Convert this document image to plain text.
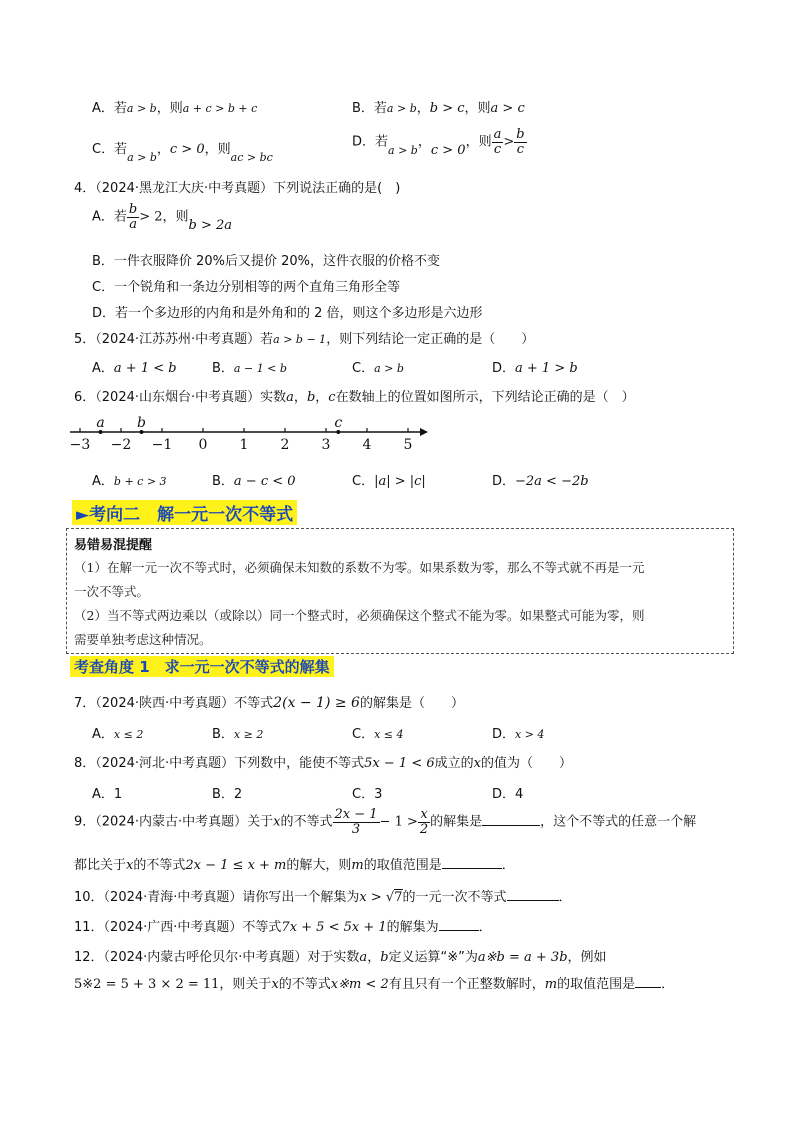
A．若a > b，则a + c > b + c	B．若a > b，b > c，则a > c
C．若$_{a > b}$，c > 0，则$_{ac > bc}$
D．若$_{a > b}$，c > 0，则 $\frac{a}{c} > \frac{b}{c}$
4．（2024·黑龙江大庆·中考真题）下列说法正确的是(　)
A．若 $\frac{b}{a} > 2$，则b > 2a
B．一件衣服降价 20%后又提价 20%，这件衣服的价格不变
C．一个锐角和一条边分别相等的两个直角三角形全等
D．若一个多边形的内角和是外角和的 2 倍，则这个多边形是六边形
5．（2024·江苏苏州·中考真题）若a > b − 1，则下列结论一定正确的是（　　）
A．a + 1 < b	B．a − 1 < b	C．a > b	D．a + 1 > b
6．（2024·山东烟台·中考真题）实数a，b，c在数轴上的位置如图所示，下列结论正确的是（　）
−3 −2 −1 0 1 2 3 4 5
a b	c
A．b + c > 3	B．a − c < 0	C．|a| > |c|	D．−2a < −2b
►考向二　解一元一次不等式
易错易混提醒
（1）在解一元一次不等式时，必须确保未知数的系数不为零。如果系数为零，那么不等式就不再是一元
一次不等式。
（2）当不等式两边乘以（或除以）同一个整式时，必须确保这个整式不能为零。如果整式可能为零，则
需要单独考虑这种情况。
考查角度 1　求一元一次不等式的解集
7．（2024·陕西·中考真题）不等式2(x − 1) ≥ 6的解集是（　　）
A．x ≤ 2	B．x ≥ 2	C．x ≤ 4	D．x > 4
8．（2024·河北·中考真题）下列数中，能使不等式5x − 1 < 6成立的x的值为（　　）
A．1	B．2	C．3	D．4
9．（2024·内蒙古·中考真题）关于x的不等式 $\frac{2x - 1}{3} - 1 > \frac{x}{2}$ 的解集是	，这个不等式的任意一个解
都比关于x的不等式2x − 1 ≤ x + m的解大，则m的取值范围是	．
10．（2024·青海·中考真题）请你写出一个解集为x > √7的一元一次不等式	．
11．（2024·广西·中考真题）不等式7x + 5 < 5x + 1的解集为	．
12．（2024·内蒙古呼伦贝尔·中考真题）对于实数a，b定义运算“※”为a※b = a + 3b，例如
5※2 = 5 + 3 × 2 = 11，则关于x的不等式x※m < 2有且只有一个正整数解时，m的取值范围是 ．
